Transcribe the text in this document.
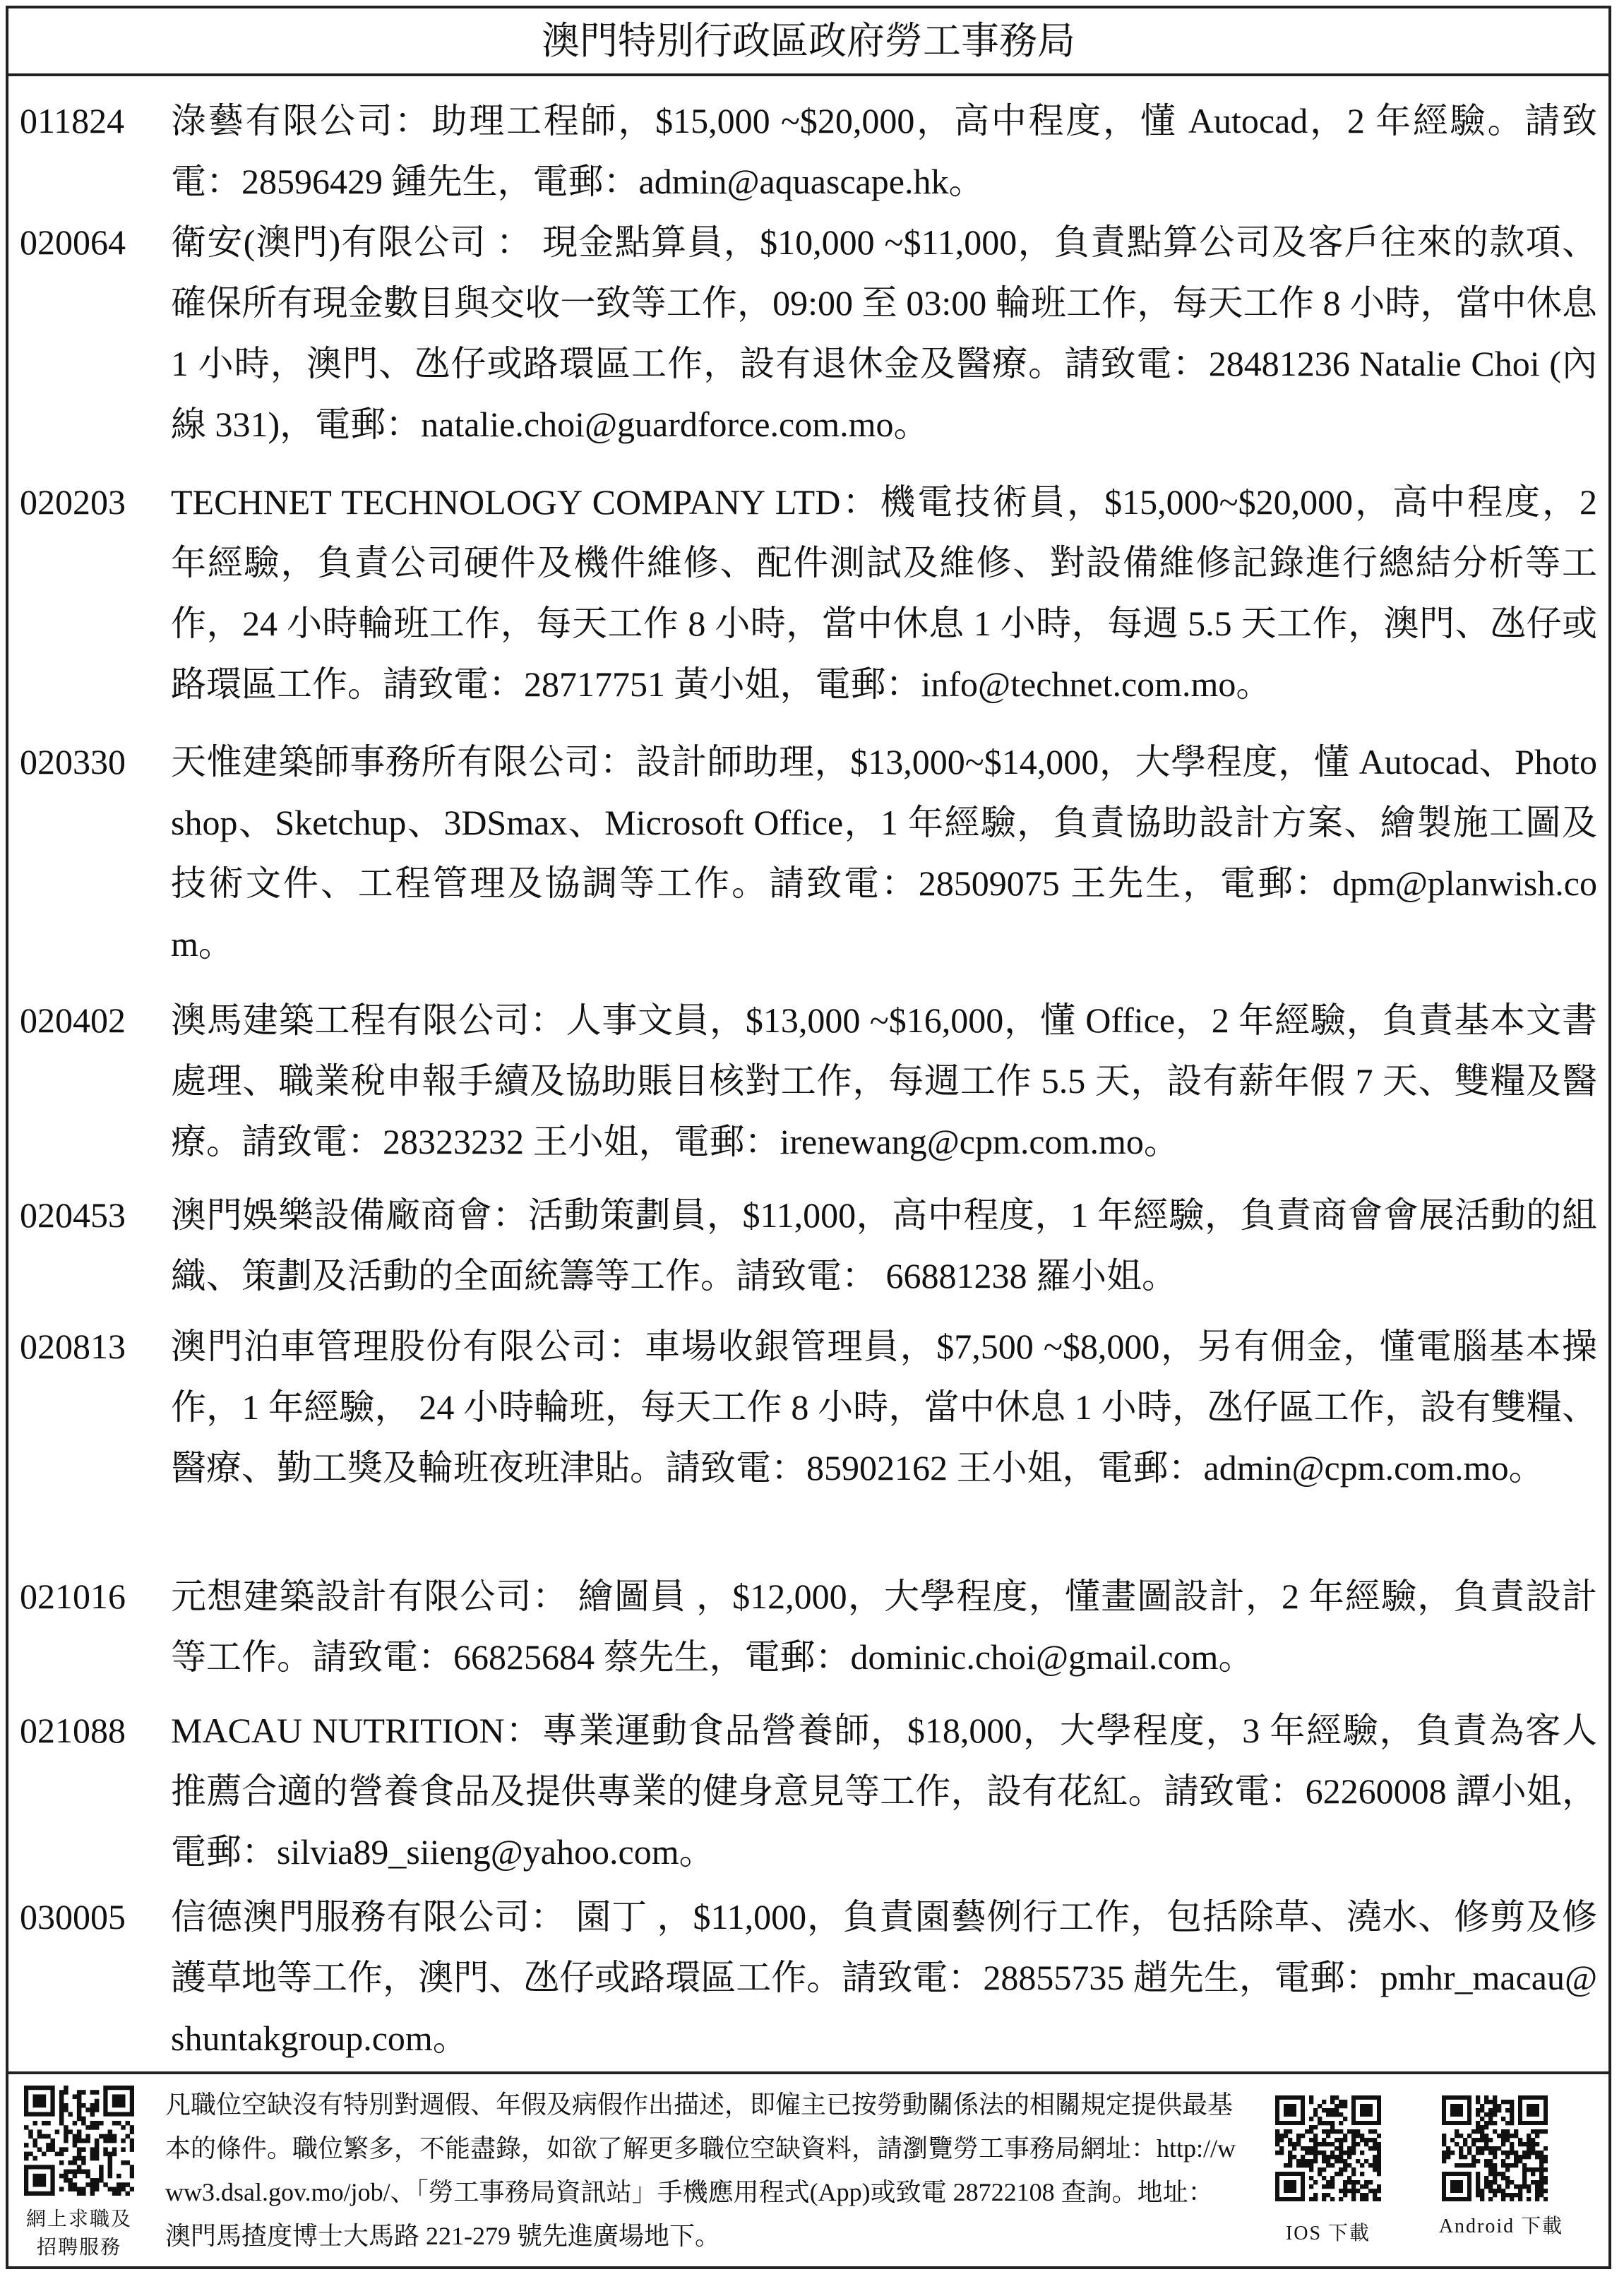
澳門特別行政區政府勞工事務局
011824	淥藝有限公司：助理工程師，$15,000 ~$20,000，高中程度，懂 Autocad，2 年經驗。請致電：28596429 鍾先生，電郵：admin@aquascape.hk。
020064	衛安(澳門)有限公司 ： 現金點算員，$10,000 ~$11,000，負責點算公司及客戶往來的款項、確保所有現金數目與交收一致等工作，09:00 至 03:00 輪班工作，每天工作 8 小時，當中休息 1 小時，澳門、氹仔或路環區工作，設有退休金及醫療。請致電：28481236 Natalie Choi (內線 331)，電郵：natalie.choi@guardforce.com.mo。
020203	TECHNET TECHNOLOGY COMPANY LTD：機電技術員，$15,000~$20,000，高中程度，2 年經驗，負責公司硬件及機件維修、配件測試及維修、對設備維修記錄進行總結分析等工作，24 小時輪班工作，每天工作 8 小時，當中休息 1 小時，每週 5.5 天工作，澳門、氹仔或路環區工作。請致電：28717751 黃小姐，電郵：info@technet.com.mo。
020330	天惟建築師事務所有限公司：設計師助理，$13,000~$14,000，大學程度，懂 Autocad、Photoshop、Sketchup、3DSmax、Microsoft Office，1 年經驗，負責協助設計方案、繪製施工圖及技術文件、工程管理及協調等工作。請致電：28509075 王先生，電郵：dpm@planwish.com。
020402	澳馬建築工程有限公司：人事文員，$13,000 ~$16,000，懂 Office，2 年經驗，負責基本文書處理、職業稅申報手續及協助賬目核對工作，每週工作 5.5 天，設有薪年假 7 天、雙糧及醫療。請致電：28323232 王小姐，電郵：irenewang@cpm.com.mo。
020453	澳門娛樂設備廠商會：活動策劃員，$11,000，高中程度，1 年經驗，負責商會會展活動的組織、策劃及活動的全面統籌等工作。請致電： 66881238 羅小姐。
020813	澳門泊車管理股份有限公司：車場收銀管理員，$7,500 ~$8,000，另有佣金，懂電腦基本操作，1 年經驗， 24 小時輪班，每天工作 8 小時，當中休息 1 小時，氹仔區工作，設有雙糧、醫療、勤工獎及輪班夜班津貼。請致電：85902162 王小姐，電郵：admin@cpm.com.mo。
021016	元想建築設計有限公司： 繪圖員 ，$12,000，大學程度，懂畫圖設計，2 年經驗，負責設計等工作。請致電：66825684 蔡先生，電郵：dominic.choi@gmail.com。
021088	MACAU NUTRITION：專業運動食品營養師，$18,000，大學程度，3 年經驗，負責為客人推薦合適的營養食品及提供專業的健身意見等工作，設有花紅。請致電：62260008 譚小姐，電郵：silvia89_siieng@yahoo.com。
030005	信德澳門服務有限公司： 園丁 ，$11,000，負責園藝例行工作，包括除草、澆水、修剪及修護草地等工作，澳門、氹仔或路環區工作。請致電：28855735 趙先生，電郵：pmhr_macau@shuntakgroup.com。
網上求職及
招聘服務
凡職位空缺沒有特別對週假、年假及病假作出描述，即僱主已按勞動關係法的相關規定提供最基本的條件。職位繁多，不能盡錄，如欲了解更多職位空缺資料，請瀏覽勞工事務局網址：http://www3.dsal.gov.mo/job/、「勞工事務局資訊站」手機應用程式(App)或致電 28722108 查詢。地址：澳門馬揸度博士大馬路 221-279 號先進廣場地下。	IOS 下載	Android 下載
